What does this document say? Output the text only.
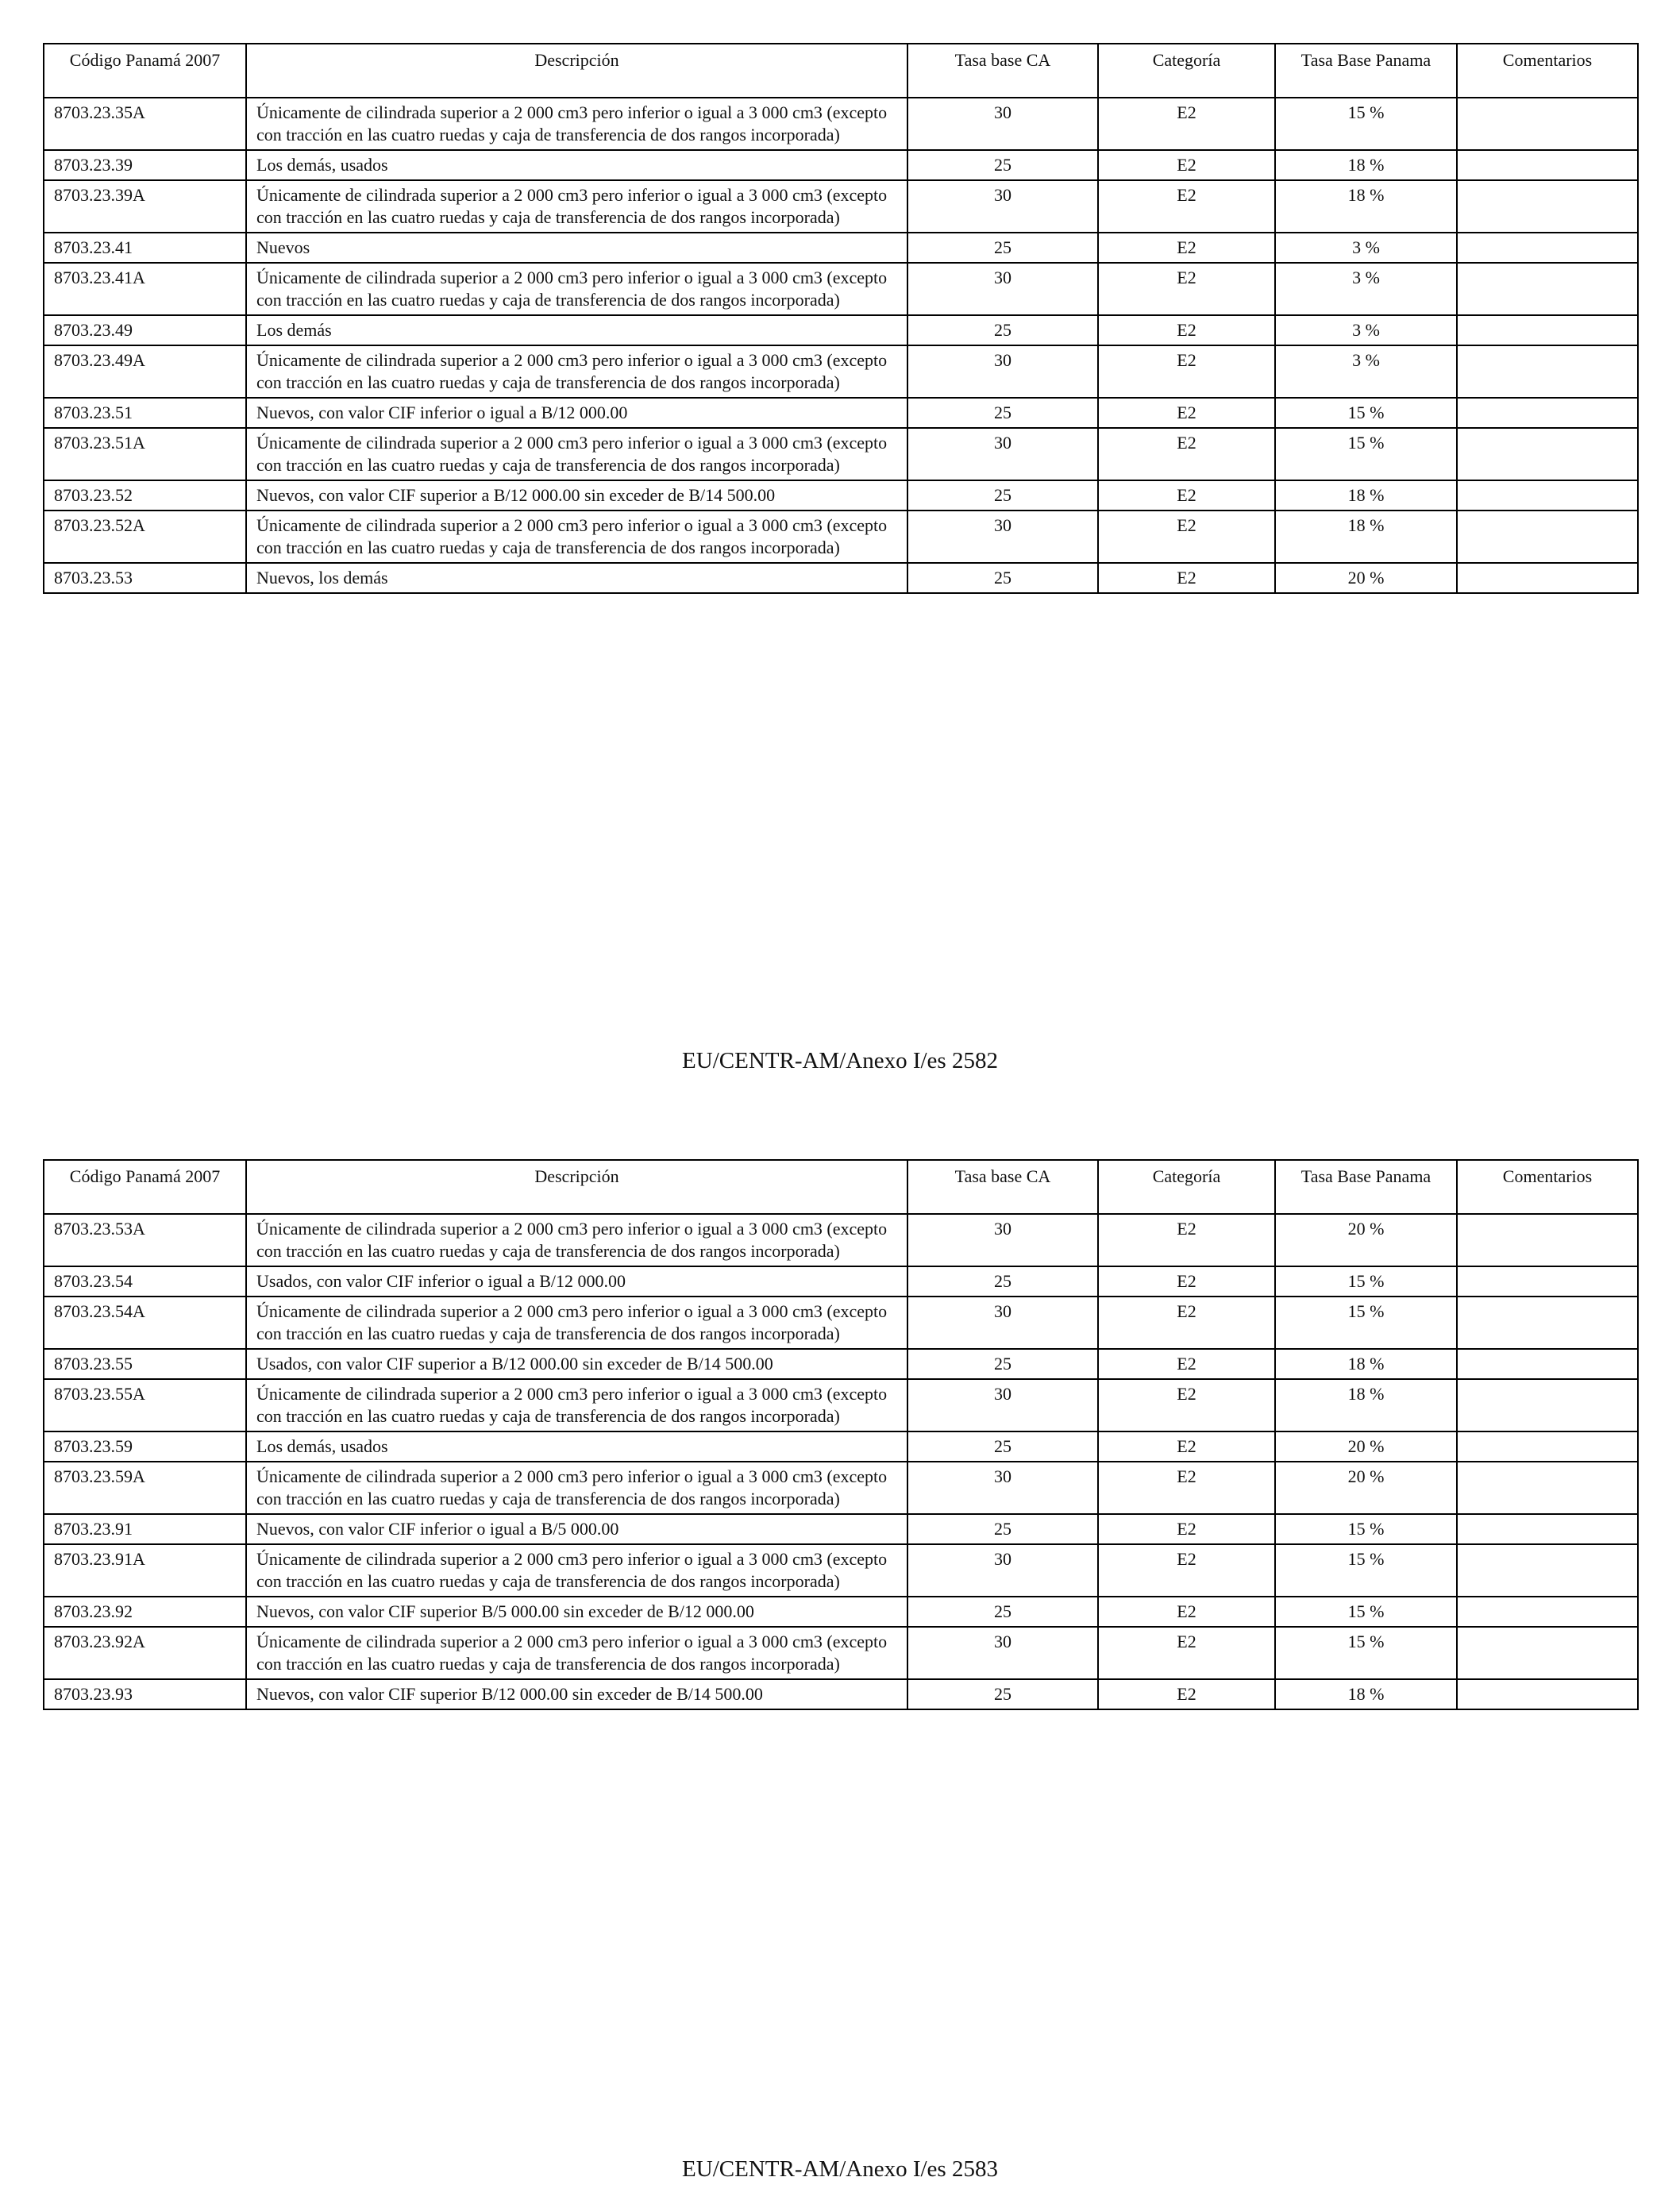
Código Panamá 2007	Descripción	Tasa base CA	Categoría	Tasa Base Panama	Comentarios
8703.23.35A	Únicamente de cilindrada superior a 2 000 cm3 pero inferior o igual a 3 000 cm3 (excepto con tracción en las cuatro ruedas y caja de transferencia de dos rangos incorporada)	30	E2	15 %	
8703.23.39	Los demás, usados	25	E2	18 %	
8703.23.39A	Únicamente de cilindrada superior a 2 000 cm3 pero inferior o igual a 3 000 cm3 (excepto con tracción en las cuatro ruedas y caja de transferencia de dos rangos incorporada)	30	E2	18 %	
8703.23.41	Nuevos	25	E2	3 %	
8703.23.41A	Únicamente de cilindrada superior a 2 000 cm3 pero inferior o igual a 3 000 cm3 (excepto con tracción en las cuatro ruedas y caja de transferencia de dos rangos incorporada)	30	E2	3 %	
8703.23.49	Los demás	25	E2	3 %	
8703.23.49A	Únicamente de cilindrada superior a 2 000 cm3 pero inferior o igual a 3 000 cm3 (excepto con tracción en las cuatro ruedas y caja de transferencia de dos rangos incorporada)	30	E2	3 %	
8703.23.51	Nuevos, con valor CIF inferior o igual a B/12 000.00	25	E2	15 %	
8703.23.51A	Únicamente de cilindrada superior a 2 000 cm3 pero inferior o igual a 3 000 cm3 (excepto con tracción en las cuatro ruedas y caja de transferencia de dos rangos incorporada)	30	E2	15 %	
8703.23.52	Nuevos, con valor CIF superior a B/12 000.00 sin exceder de B/14 500.00	25	E2	18 %	
8703.23.52A	Únicamente de cilindrada superior a 2 000 cm3 pero inferior o igual a 3 000 cm3 (excepto con tracción en las cuatro ruedas y caja de transferencia de dos rangos incorporada)	30	E2	18 %	
8703.23.53	Nuevos, los demás	25	E2	20 %	
EU/CENTR-AM/Anexo I/es 2582
Código Panamá 2007	Descripción	Tasa base CA	Categoría	Tasa Base Panama	Comentarios
8703.23.53A	Únicamente de cilindrada superior a 2 000 cm3 pero inferior o igual a 3 000 cm3 (excepto con tracción en las cuatro ruedas y caja de transferencia de dos rangos incorporada)	30	E2	20 %	
8703.23.54	Usados, con valor CIF inferior o igual a B/12 000.00	25	E2	15 %	
8703.23.54A	Únicamente de cilindrada superior a 2 000 cm3 pero inferior o igual a 3 000 cm3 (excepto con tracción en las cuatro ruedas y caja de transferencia de dos rangos incorporada)	30	E2	15 %	
8703.23.55	Usados, con valor CIF superior a B/12 000.00 sin exceder de B/14 500.00	25	E2	18 %	
8703.23.55A	Únicamente de cilindrada superior a 2 000 cm3 pero inferior o igual a 3 000 cm3 (excepto con tracción en las cuatro ruedas y caja de transferencia de dos rangos incorporada)	30	E2	18 %	
8703.23.59	Los demás, usados	25	E2	20 %	
8703.23.59A	Únicamente de cilindrada superior a 2 000 cm3 pero inferior o igual a 3 000 cm3 (excepto con tracción en las cuatro ruedas y caja de transferencia de dos rangos incorporada)	30	E2	20 %	
8703.23.91	Nuevos, con valor CIF inferior o igual a B/5 000.00	25	E2	15 %	
8703.23.91A	Únicamente de cilindrada superior a 2 000 cm3 pero inferior o igual a 3 000 cm3 (excepto con tracción en las cuatro ruedas y caja de transferencia de dos rangos incorporada)	30	E2	15 %	
8703.23.92	Nuevos, con valor CIF superior B/5 000.00 sin exceder de B/12 000.00	25	E2	15 %	
8703.23.92A	Únicamente de cilindrada superior a 2 000 cm3 pero inferior o igual a 3 000 cm3 (excepto con tracción en las cuatro ruedas y caja de transferencia de dos rangos incorporada)	30	E2	15 %	
8703.23.93	Nuevos, con valor CIF superior B/12 000.00 sin exceder de B/14 500.00	25	E2	18 %	
EU/CENTR-AM/Anexo I/es 2583
